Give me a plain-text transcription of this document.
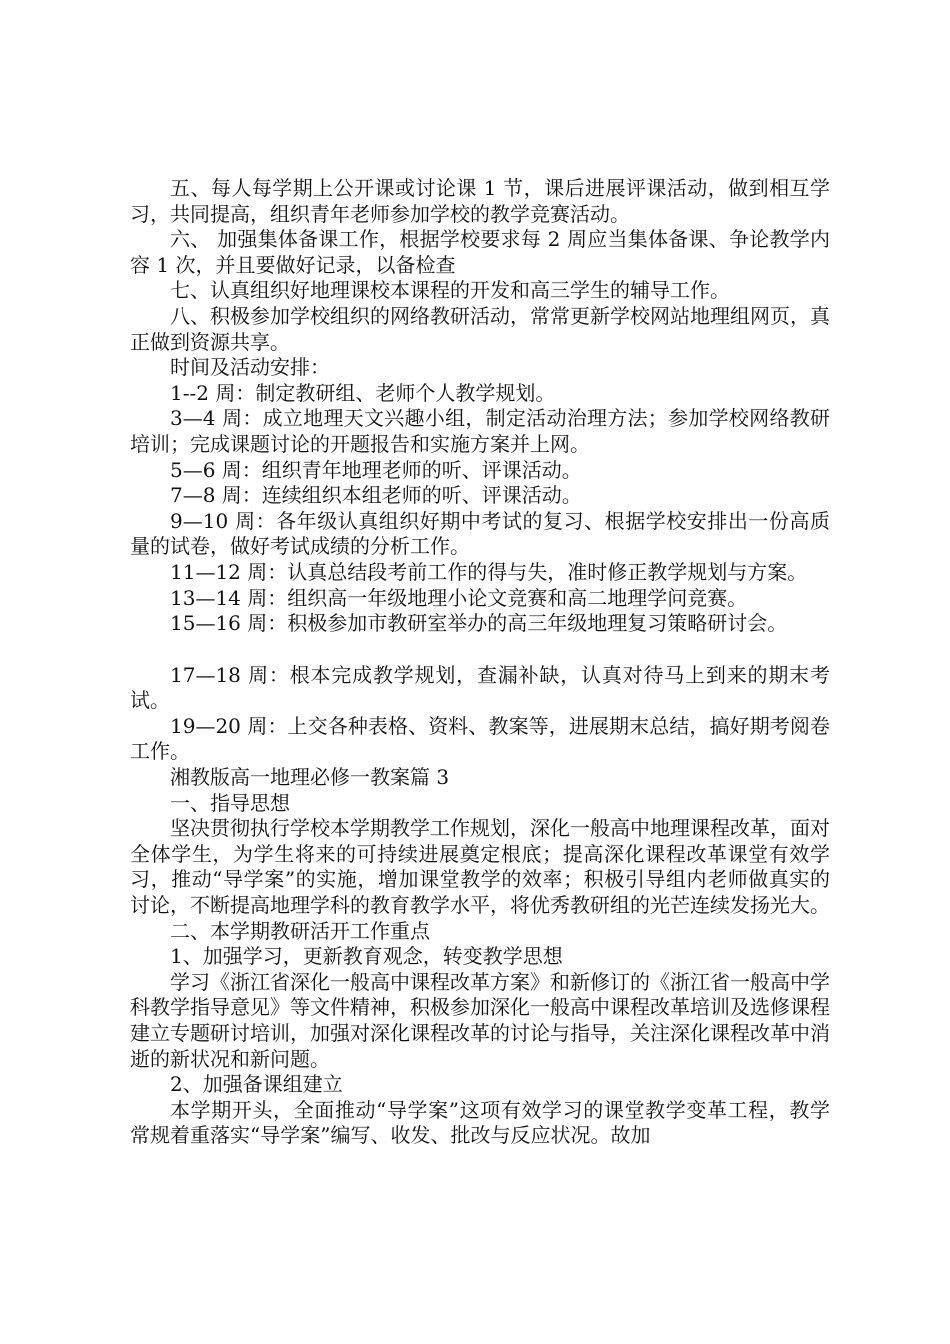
五、每人每学期上公开课或讨论课 1 节，课后进展评课活动，做到相互学习，共同提高，组织青年老师参加学校的教学竞赛活动。

六、 加强集体备课工作，根据学校要求每 2 周应当集体备课、争论教学内容 1 次，并且要做好记录，以备检查

七、认真组织好地理课校本课程的开发和高三学生的辅导工作。

八、积极参加学校组织的网络教研活动，常常更新学校网站地理组网页，真正做到资源共享。

时间及活动安排：

1--2 周：制定教研组、老师个人教学规划。

3—4 周：成立地理天文兴趣小组，制定活动治理方法；参加学校网络教研培训；完成课题讨论的开题报告和实施方案并上网。

5—6 周：组织青年地理老师的听、评课活动。

7—8 周：连续组织本组老师的听、评课活动。

9—10 周：各年级认真组织好期中考试的复习、根据学校安排出一份高质量的试卷，做好考试成绩的分析工作。

11—12 周：认真总结段考前工作的得与失，准时修正教学规划与方案。

13—14 周：组织高一年级地理小论文竞赛和高二地理学问竞赛。

15—16 周：积极参加市教研室举办的高三年级地理复习策略研讨会。

17—18 周：根本完成教学规划，查漏补缺，认真对待马上到来的期末考试。

19—20 周：上交各种表格、资料、教案等，进展期末总结，搞好期考阅卷工作。

湘教版高一地理必修一教案篇 3

一、指导思想

坚决贯彻执行学校本学期教学工作规划，深化一般高中地理课程改革，面对全体学生，为学生将来的可持续进展奠定根底；提高深化课程改革课堂有效学习，推动“导学案”的实施，增加课堂教学的效率；积极引导组内老师做真实的讨论，不断提高地理学科的教育教学水平，将优秀教研组的光芒连续发扬光大。

二、本学期教研活开工作重点

1、加强学习，更新教育观念，转变教学思想

学习《浙江省深化一般高中课程改革方案》和新修订的《浙江省一般高中学科教学指导意见》等文件精神，积极参加深化一般高中课程改革培训及选修课程建立专题研讨培训，加强对深化课程改革的讨论与指导，关注深化课程改革中消逝的新状况和新问题。

2、加强备课组建立

本学期开头，全面推动“导学案”这项有效学习的课堂教学变革工程，教学常规着重落实“导学案”编写、收发、批改与反应状况。故加
